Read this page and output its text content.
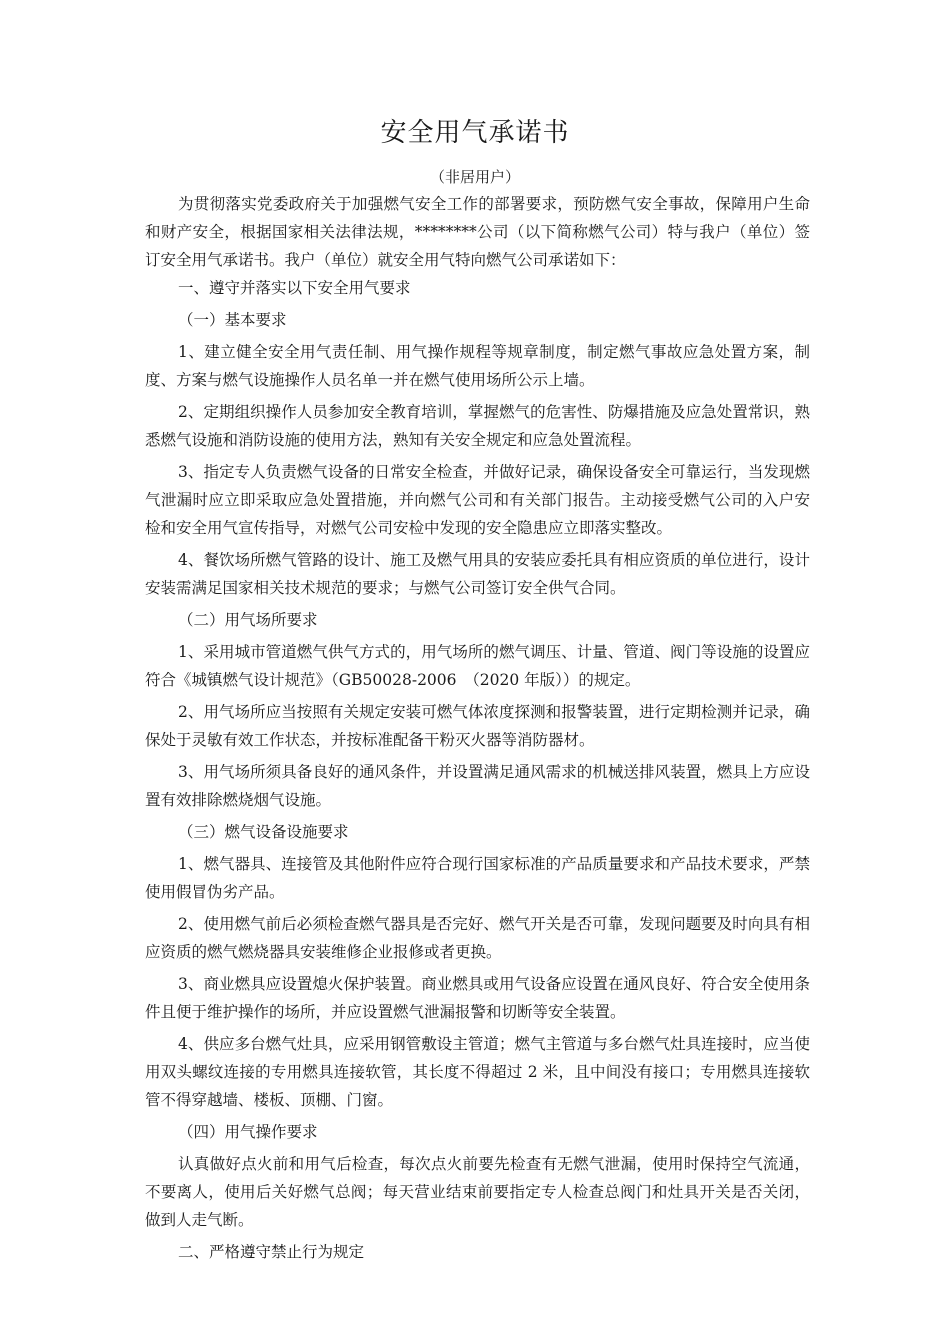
安全用气承诺书
（非居用户）

为贯彻落实党委政府关于加强燃气安全工作的部署要求，预防燃气安全事故，保障用户生命和财产安全，根据国家相关法律法规，********公司（以下简称燃气公司）特与我户（单位）签订安全用气承诺书。我户（单位）就安全用气特向燃气公司承诺如下：

一、遵守并落实以下安全用气要求

（一）基本要求

1、建立健全安全用气责任制、用气操作规程等规章制度，制定燃气事故应急处置方案，制度、方案与燃气设施操作人员名单一并在燃气使用场所公示上墙。

2、定期组织操作人员参加安全教育培训，掌握燃气的危害性、防爆措施及应急处置常识，熟悉燃气设施和消防设施的使用方法，熟知有关安全规定和应急处置流程。

3、指定专人负责燃气设备的日常安全检查，并做好记录，确保设备安全可靠运行，当发现燃气泄漏时应立即采取应急处置措施，并向燃气公司和有关部门报告。主动接受燃气公司的入户安检和安全用气宣传指导，对燃气公司安检中发现的安全隐患应立即落实整改。

4、餐饮场所燃气管路的设计、施工及燃气用具的安装应委托具有相应资质的单位进行，设计安装需满足国家相关技术规范的要求；与燃气公司签订安全供气合同。

（二）用气场所要求

1、采用城市管道燃气供气方式的，用气场所的燃气调压、计量、管道、阀门等设施的设置应符合《城镇燃气设计规范》（GB50028-2006　（2020 年版））的规定。

2、用气场所应当按照有关规定安装可燃气体浓度探测和报警装置，进行定期检测并记录，确保处于灵敏有效工作状态，并按标准配备干粉灭火器等消防器材。

3、用气场所须具备良好的通风条件，并设置满足通风需求的机械送排风装置，燃具上方应设置有效排除燃烧烟气设施。

（三）燃气设备设施要求

1、燃气器具、连接管及其他附件应符合现行国家标准的产品质量要求和产品技术要求，严禁使用假冒伪劣产品。

2、使用燃气前后必须检查燃气器具是否完好、燃气开关是否可靠，发现问题要及时向具有相应资质的燃气燃烧器具安装维修企业报修或者更换。

3、商业燃具应设置熄火保护装置。商业燃具或用气设备应设置在通风良好、符合安全使用条件且便于维护操作的场所，并应设置燃气泄漏报警和切断等安全装置。

4、供应多台燃气灶具，应采用钢管敷设主管道；燃气主管道与多台燃气灶具连接时，应当使用双头螺纹连接的专用燃具连接软管，其长度不得超过 2 米，且中间没有接口；专用燃具连接软管不得穿越墙、楼板、顶棚、门窗。

（四）用气操作要求

认真做好点火前和用气后检查，每次点火前要先检查有无燃气泄漏，使用时保持空气流通，不要离人，使用后关好燃气总阀；每天营业结束前要指定专人检查总阀门和灶具开关是否关闭，做到人走气断。

二、严格遵守禁止行为规定
